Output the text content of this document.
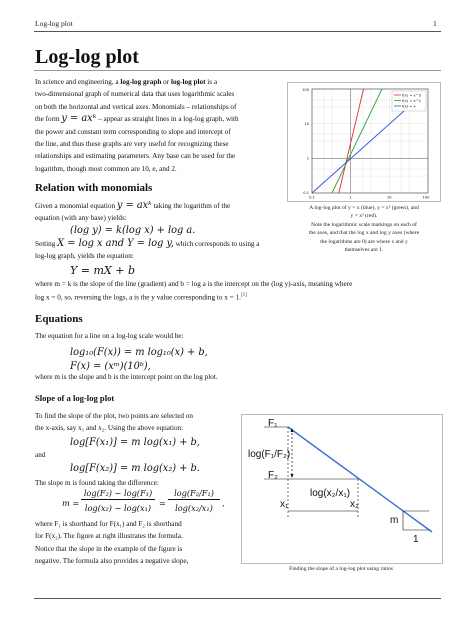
Log-log plot	1
Log-log plot
In science and engineering, a log-log graph or log-log plot is a
two-dimensional graph of numerical data that uses logarithmic scales
on both the horizontal and vertical axes. Monomials – relationships of
the form y = axᵏ – appear as straight lines in a log-log graph, with
the power and constant term corresponding to slope and intercept of
the line, and thus these graphs are very useful for recognizing these
relationships and estimating parameters. Any base can be used for the
logarithm, though most common are 10, e, and 2.
f(x) = x^3
f(x) = x^2
f(x) = x
100
10
1
0.1
0.1	1	10	100
A log-log plot of y = x (blue), y = x² (green), and
y = x³ (red).
Note the logarithmic scale markings on each of
the axes, and that the log x and log y axes (where
the logarithms are 0) are where x and y
themselves are 1.
Relation with monomials
Given a monomial equation y = axᵏ taking the logarithm of the
equation (with any base) yields:
(log y) = k(log x) + log a.
Setting X = log x and Y = log y, which corresponds to using a
log-log graph, yields the equation:
Y = mX + b
where m = k is the slope of the line (gradient) and b = log a is the intercept on the (log y)-axis, meaning where
log x = 0, so, reversing the logs, a is the y value corresponding to x = 1.[1]
Equations
The equation for a line on a log-log scale would be:
log₁₀(F(x)) = m log₁₀(x) + b,
F(x) = (xᵐ)(10ᵇ),
where m is the slope and b is the intercept point on the log plot.
Slope of a log-log plot
To find the slope of the plot, two points are selected on
the x-axis, say x₁ and x₂. Using the above equation:
log[F(x₁)] = m log(x₁) + b,
and
log[F(x₂)] = m log(x₂) + b.
The slope m is found taking the difference:
m =
log(F₂) − log(F₁)
log(x₂) − log(x₁) =
log(F₂/F₁)
log(x₂/x₁)	,
where F₁ is shorthand for F(x₁) and F₂ is shorthand
for F(x₂). The figure at right illustrates the formula.
Notice that the slope in the example of the figure is
negative. The formula also provides a negative slope,
F₁
log(F₁/F₂)
F₂
log(x₂/x₁)
x₁	x₂
m
1
Finding the slope of a log-log plot using ratios
